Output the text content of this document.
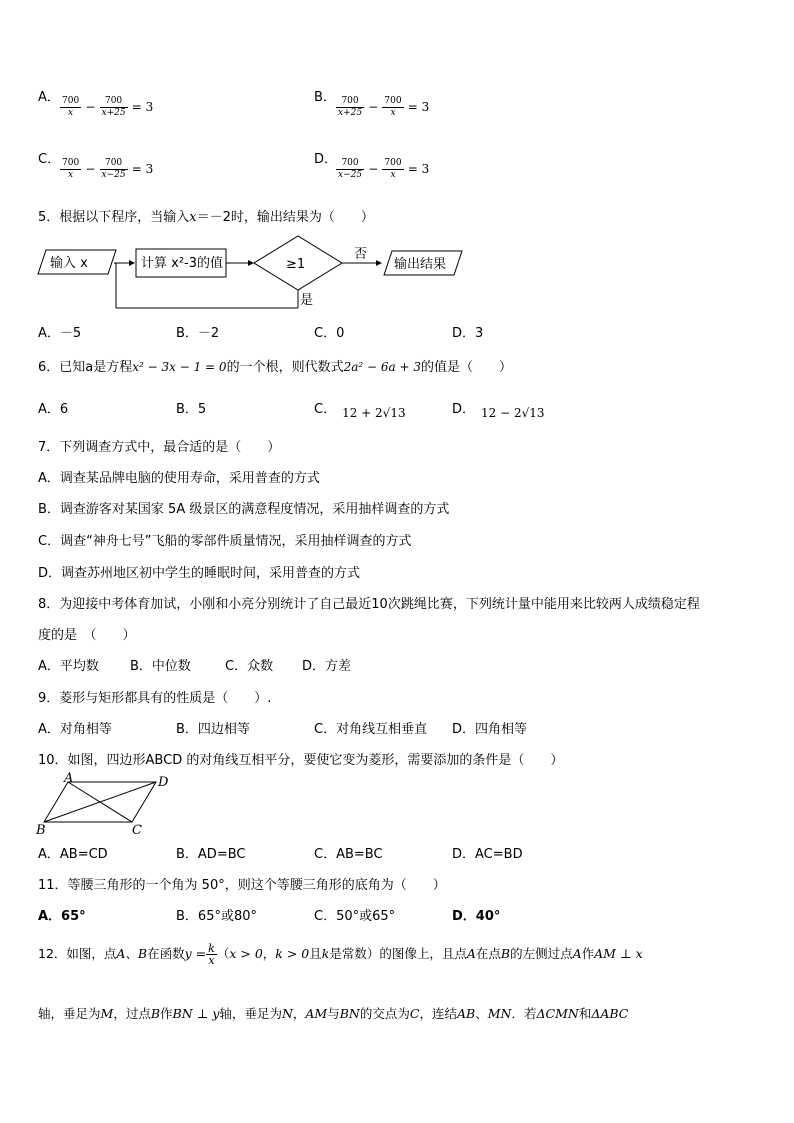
A． $\frac{700}{x} - \frac{700}{x+25} = 3$
B． $\frac{700}{x+25} - \frac{700}{x} = 3$
C． $\frac{700}{x} - \frac{700}{x-25} = 3$
D．
$\frac{700}{x-25} - \frac{700}{x} = 3$
5．根据以下程序，当输入x＝－2时，输出结果为（　　）
输入 x	计算 x²-3的值	≥1
否
输出结果
是
A．－5	B．－2	C．0	D．3
6．已知a是方程x² − 3x − 1 = 0的一个根，则代数式2a² − 6a + 3的值是（　　）
A．6	B．5	C． 12 + 2√13	D． 12 − 2√13
7．下列调查方式中，最合适的是（　　）
A．调查某品牌电脑的使用寿命，采用普查的方式
B．调查游客对某国家 5A 级景区的满意程度情况，采用抽样调查的方式
C．调查“神舟七号”飞船的零部件质量情况，采用抽样调查的方式
D．调查苏州地区初中学生的睡眠时间，采用普查的方式
8．为迎接中考体育加试，小刚和小亮分别统计了自己最近10次跳绳比赛，下列统计量中能用来比较两人成绩稳定程
度的是　（　　）
A．平均数 B．中位数	C．众数 D．方差
9．菱形与矩形都具有的性质是（　　）.
A．对角相等	B．四边相等	C．对角线互相垂直 D．四角相等
10．如图，四边形ABCD 的对角线互相平分，要使它变为菱形，需要添加的条件是（　　）
A	D
B	C
A．AB=CD	B．AD=BC	C．AB=BC	D．AC=BD
11．等腰三角形的一个角为 50°，则这个等腰三角形的底角为（　　）
A．65°	B．65°或80°	C．50°或65°	D．40°
12．如图，点A、B在函数$y = \frac{k}{x} (x > 0$，k > 0且k是常数）的图像上，且点A在点B的左侧过点A作AM ⊥ x
轴，垂足为M，过点B作BN ⊥ y轴，垂足为N，AM与BN的交点为C，连结AB、MN．若ΔCMN和ΔABC
